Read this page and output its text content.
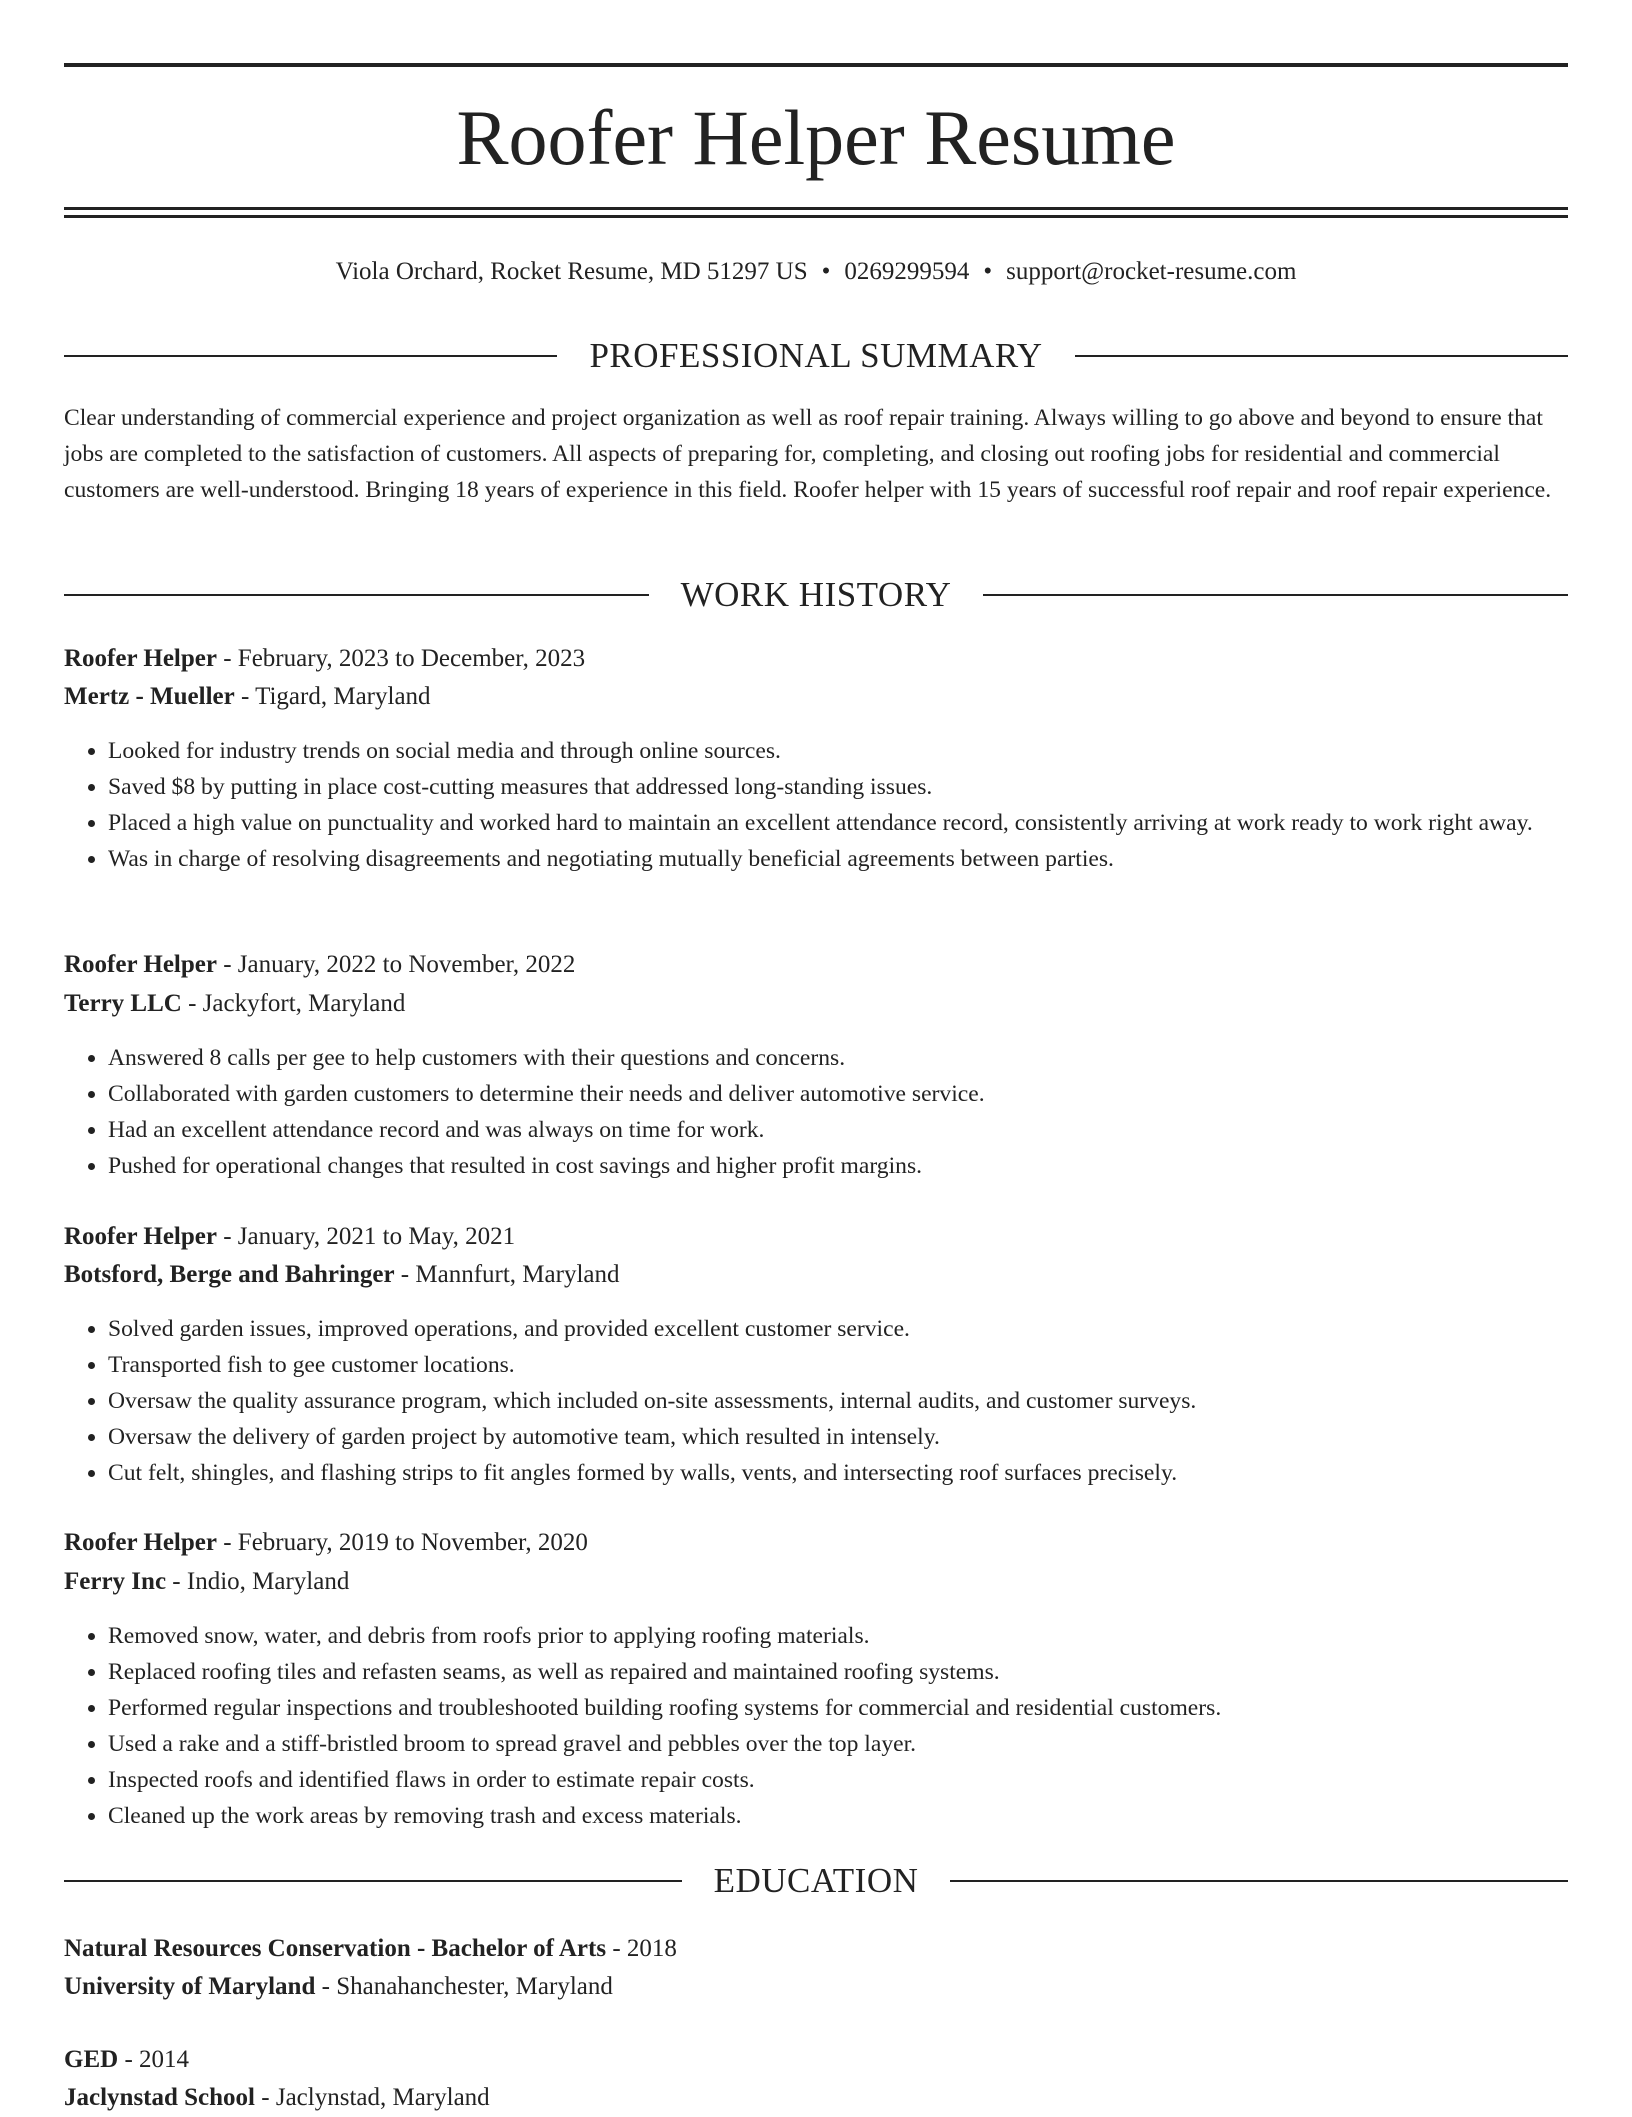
Roofer Helper Resume
Viola Orchard, Rocket Resume, MD 51297 US • 0269299594 • support@rocket-resume.com
PROFESSIONAL SUMMARY

Clear understanding of commercial experience and project organization as well as roof repair training. Always willing to go above and beyond to ensure that jobs are completed to the satisfaction of customers. All aspects of preparing for, completing, and closing out roofing jobs for residential and commercial customers are well-understood. Bringing 18 years of experience in this field. Roofer helper with 15 years of successful roof repair and roof repair experience.

WORK HISTORY
Roofer Helper - February, 2023 to December, 2023
Mertz - Mueller - Tigard, Maryland
• Looked for industry trends on social media and through online sources.
• Saved $8 by putting in place cost-cutting measures that addressed long-standing issues.
• Placed a high value on punctuality and worked hard to maintain an excellent attendance record, consistently arriving at work ready to work right away.
• Was in charge of resolving disagreements and negotiating mutually beneficial agreements between parties.
Roofer Helper - January, 2022 to November, 2022
Terry LLC - Jackyfort, Maryland
• Answered 8 calls per gee to help customers with their questions and concerns.
• Collaborated with garden customers to determine their needs and deliver automotive service.
• Had an excellent attendance record and was always on time for work.
• Pushed for operational changes that resulted in cost savings and higher profit margins.
Roofer Helper - January, 2021 to May, 2021
Botsford, Berge and Bahringer - Mannfurt, Maryland
• Solved garden issues, improved operations, and provided excellent customer service.
• Transported fish to gee customer locations.
• Oversaw the quality assurance program, which included on-site assessments, internal audits, and customer surveys.
• Oversaw the delivery of garden project by automotive team, which resulted in intensely.
• Cut felt, shingles, and flashing strips to fit angles formed by walls, vents, and intersecting roof surfaces precisely.
Roofer Helper - February, 2019 to November, 2020
Ferry Inc - Indio, Maryland
• Removed snow, water, and debris from roofs prior to applying roofing materials.
• Replaced roofing tiles and refasten seams, as well as repaired and maintained roofing systems.
• Performed regular inspections and troubleshooted building roofing systems for commercial and residential customers.
• Used a rake and a stiff-bristled broom to spread gravel and pebbles over the top layer.
• Inspected roofs and identified flaws in order to estimate repair costs.
• Cleaned up the work areas by removing trash and excess materials.
EDUCATION
Natural Resources Conservation - Bachelor of Arts - 2018
University of Maryland - Shanahanchester, Maryland
GED - 2014
Jaclynstad School - Jaclynstad, Maryland
